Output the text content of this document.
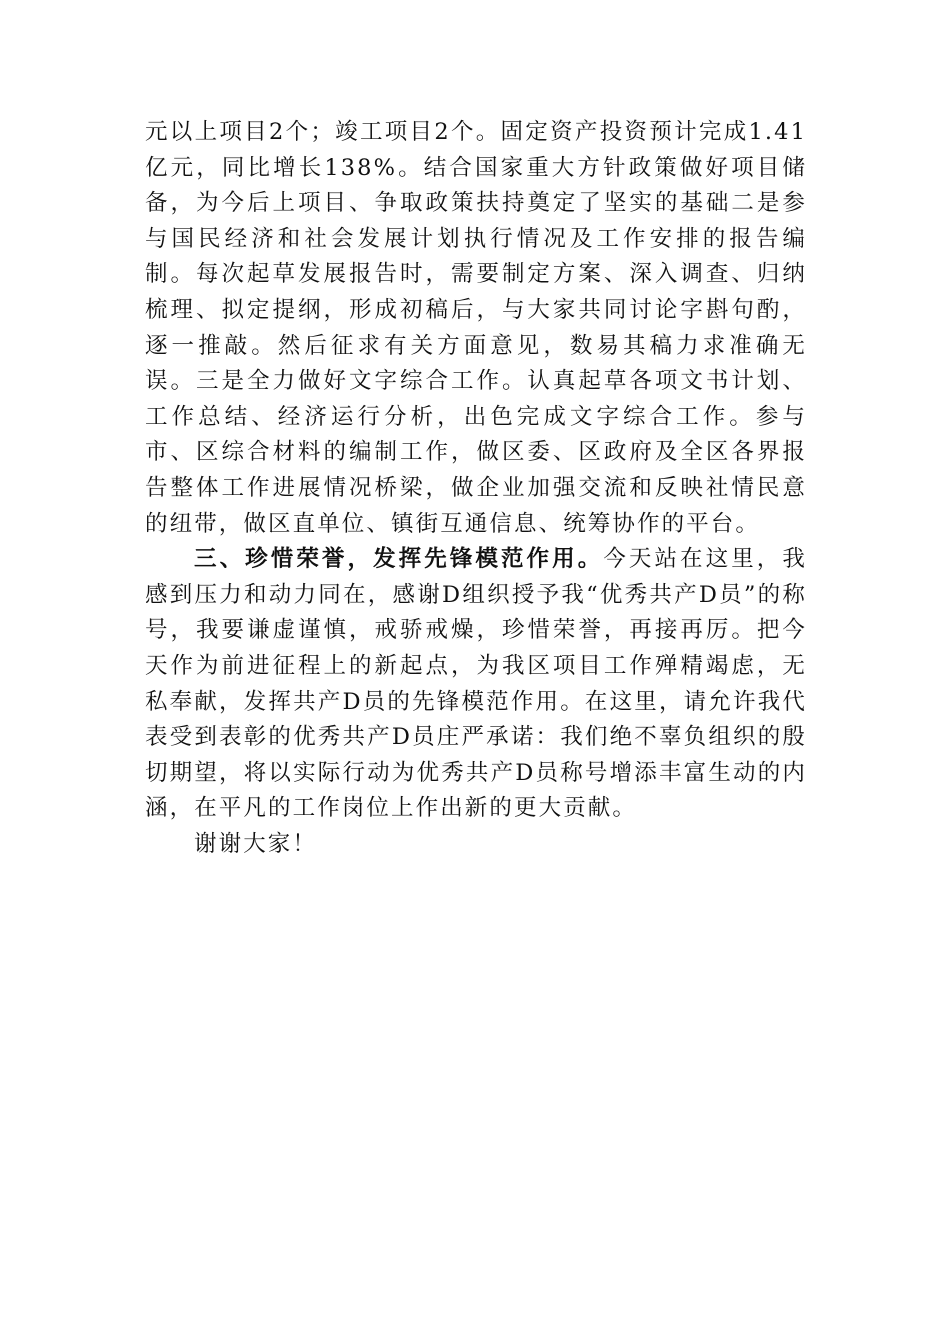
元以上项目2个；竣工项目2个。固定资产投资预计完成1.41亿元，同比增长138%。结合国家重大方针政策做好项目储备，为今后上项目、争取政策扶持奠定了坚实的基础二是参与国民经济和社会发展计划执行情况及工作安排的报告编制。每次起草发展报告时，需要制定方案、深入调查、归纳梳理、拟定提纲，形成初稿后，与大家共同讨论字斟句酌，逐一推敲。然后征求有关方面意见，数易其稿力求准确无误。三是全力做好文字综合工作。认真起草各项文书计划、工作总结、经济运行分析，出色完成文字综合工作。参与市、区综合材料的编制工作，做区委、区政府及全区各界报告整体工作进展情况桥梁，做企业加强交流和反映社情民意的纽带，做区直单位、镇街互通信息、统筹协作的平台。

三、珍惜荣誉，发挥先锋模范作用。今天站在这里，我感到压力和动力同在，感谢D组织授予我“优秀共产D员”的称号，我要谦虚谨慎，戒骄戒燥，珍惜荣誉，再接再厉。把今天作为前进征程上的新起点，为我区项目工作殚精竭虑，无私奉献，发挥共产D员的先锋模范作用。在这里，请允许我代表受到表彰的优秀共产D员庄严承诺：我们绝不辜负组织的殷切期望，将以实际行动为优秀共产D员称号增添丰富生动的内涵，在平凡的工作岗位上作出新的更大贡献。

谢谢大家！
